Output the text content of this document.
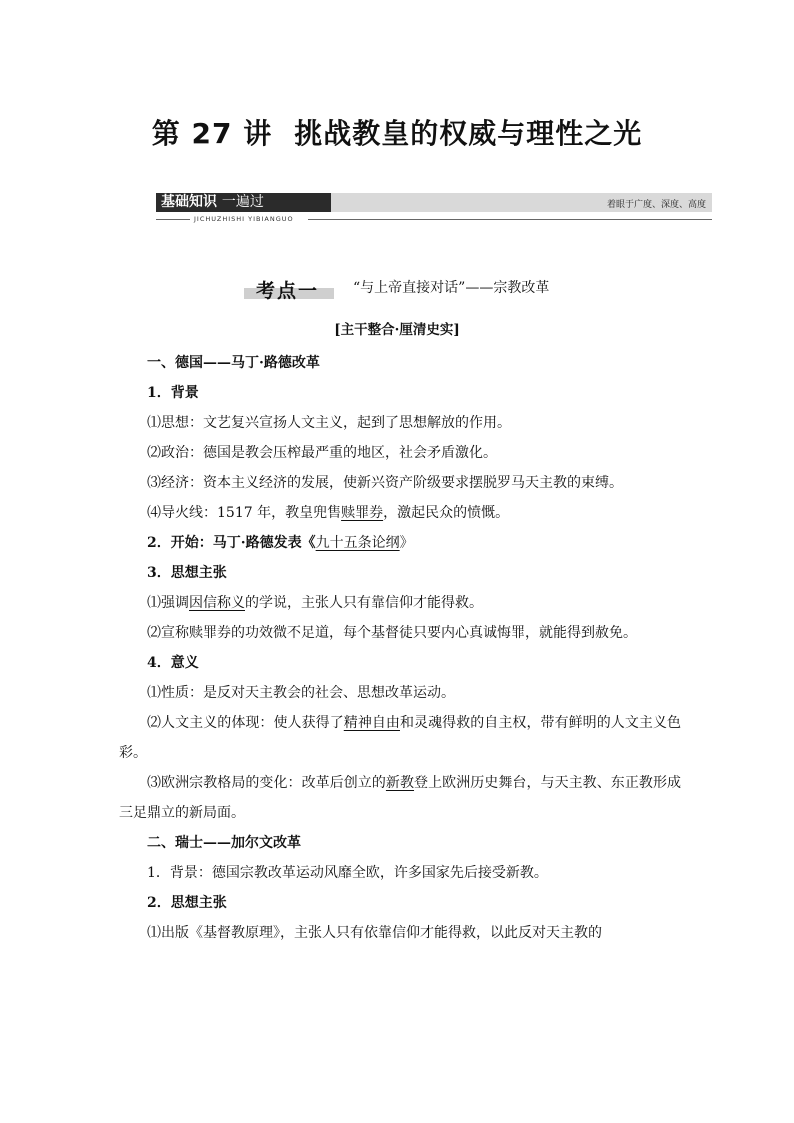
第 27 讲 挑战教皇的权威与理性之光
基础知识 一遍过
JICHUZHISHI YIBIANGUO
着眼于广度、深度、高度
考点一 “与上帝直接对话”——宗教改革
[主干整合·厘清史实]

一、德国——马丁·路德改革

1．背景

⑴思想：文艺复兴宣扬人文主义，起到了思想解放的作用。

⑵政治：德国是教会压榨最严重的地区，社会矛盾激化。

⑶经济：资本主义经济的发展，使新兴资产阶级要求摆脱罗马天主教的束缚。

⑷导火线：1517 年，教皇兜售赎罪券，激起民众的愤慨。

2．开始：马丁·路德发表《九十五条论纲》

3．思想主张

⑴强调因信称义的学说，主张人只有靠信仰才能得救。

⑵宣称赎罪券的功效微不足道，每个基督徒只要内心真诚悔罪，就能得到赦免。

4．意义

⑴性质：是反对天主教会的社会、思想改革运动。

⑵人文主义的体现：使人获得了精神自由和灵魂得救的自主权，带有鲜明的人文主义色彩。

⑶欧洲宗教格局的变化：改革后创立的新教登上欧洲历史舞台，与天主教、东正教形成三足鼎立的新局面。

二、瑞士——加尔文改革

1．背景：德国宗教改革运动风靡全欧，许多国家先后接受新教。

2．思想主张

⑴出版《基督教原理》，主张人只有依靠信仰才能得救，以此反对天主教的
